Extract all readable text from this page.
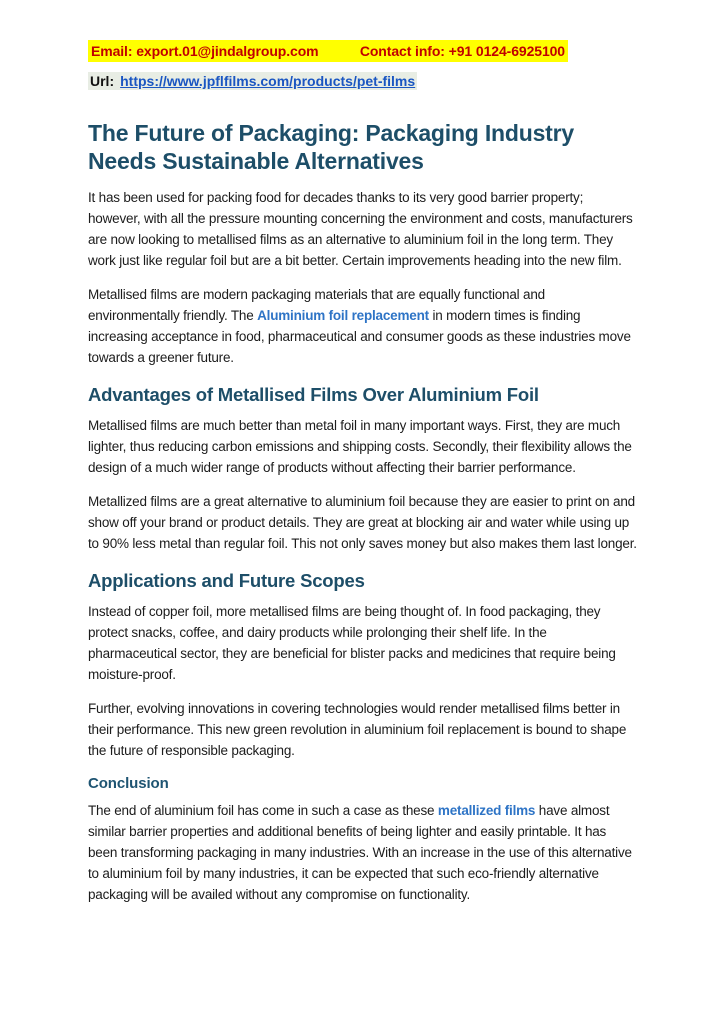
Email: export.01@jindalgroup.com	Contact info: +91 0124-6925100
Url: https://www.jpflfilms.com/products/pet-films
The Future of Packaging: Packaging Industry Needs Sustainable Alternatives

It has been used for packing food for decades thanks to its very good barrier property; however, with all the pressure mounting concerning the environment and costs, manufacturers are now looking to metallised films as an alternative to aluminium foil in the long term. They work just like regular foil but are a bit better. Certain improvements heading into the new film.

Metallised films are modern packaging materials that are equally functional and environmentally friendly. The Aluminium foil replacement in modern times is finding increasing acceptance in food, pharmaceutical and consumer goods as these industries move towards a greener future.

Advantages of Metallised Films Over Aluminium Foil

Metallised films are much better than metal foil in many important ways. First, they are much lighter, thus reducing carbon emissions and shipping costs. Secondly, their flexibility allows the design of a much wider range of products without affecting their barrier performance.

Metallized films are a great alternative to aluminium foil because they are easier to print on and show off your brand or product details. They are great at blocking air and water while using up to 90% less metal than regular foil. This not only saves money but also makes them last longer.

Applications and Future Scopes

Instead of copper foil, more metallised films are being thought of. In food packaging, they protect snacks, coffee, and dairy products while prolonging their shelf life. In the pharmaceutical sector, they are beneficial for blister packs and medicines that require being moisture-proof.

Further, evolving innovations in covering technologies would render metallised films better in their performance. This new green revolution in aluminium foil replacement is bound to shape the future of responsible packaging.

Conclusion

The end of aluminium foil has come in such a case as these metallized films have almost similar barrier properties and additional benefits of being lighter and easily printable. It has been transforming packaging in many industries. With an increase in the use of this alternative to aluminium foil by many industries, it can be expected that such eco-friendly alternative packaging will be availed without any compromise on functionality.
